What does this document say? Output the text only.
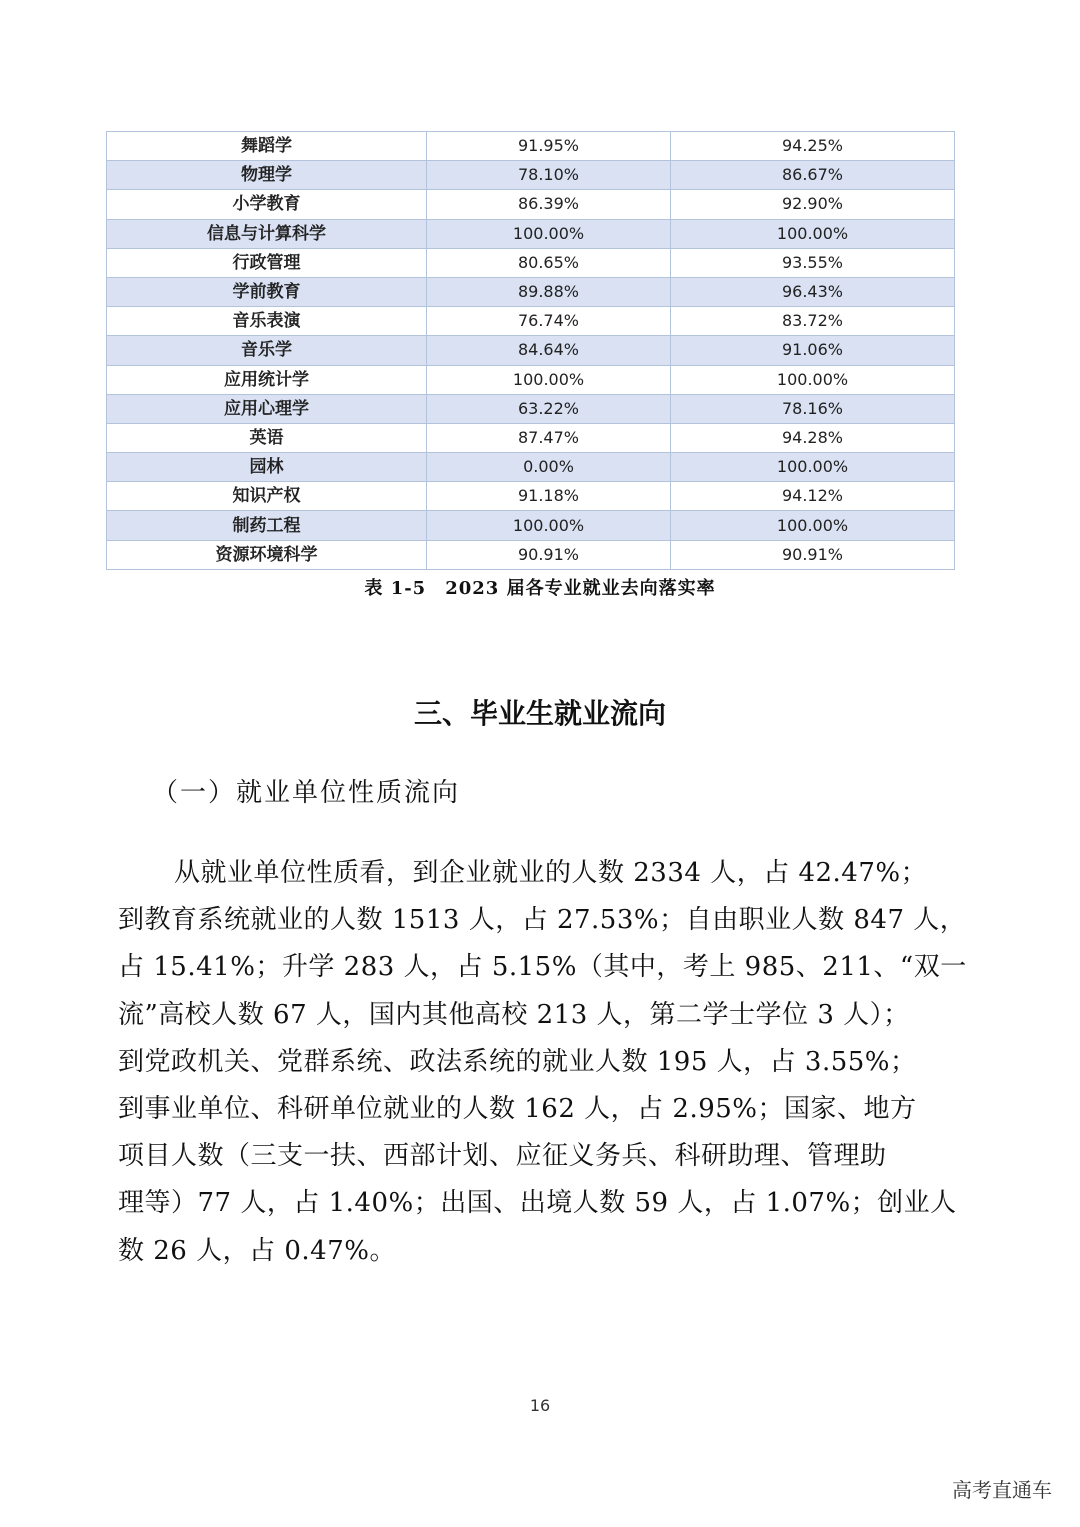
舞蹈学	91.95%	94.25%
物理学	78.10%	86.67%
小学教育	86.39%	92.90%
信息与计算科学	100.00%	100.00%
行政管理	80.65%	93.55%
学前教育	89.88%	96.43%
音乐表演	76.74%	83.72%
音乐学	84.64%	91.06%
应用统计学	100.00%	100.00%
应用心理学	63.22%	78.16%
英语	87.47%	94.28%
园林	0.00%	100.00%
知识产权	91.18%	94.12%
制药工程	100.00%	100.00%
资源环境科学	90.91%	90.91%
表 1-5　2023 届各专业就业去向落实率
三、毕业生就业流向
（一）就业单位性质流向
从就业单位性质看，到企业就业的人数 2334 人，占 42.47%；
到教育系统就业的人数 1513 人，占 27.53%；自由职业人数 847 人，
占 15.41%；升学 283 人，占 5.15%（其中，考上 985、211、“双一
流”高校人数 67 人，国内其他高校 213 人，第二学士学位 3 人）；
到党政机关、党群系统、政法系统的就业人数 195 人，占 3.55%；
到事业单位、科研单位就业的人数 162 人，占 2.95%；国家、地方
项目人数（三支一扶、西部计划、应征义务兵、科研助理、管理助
理等）77 人，占 1.40%；出国、出境人数 59 人，占 1.07%；创业人
数 26 人，占 0.47%。
16
高考直通车
